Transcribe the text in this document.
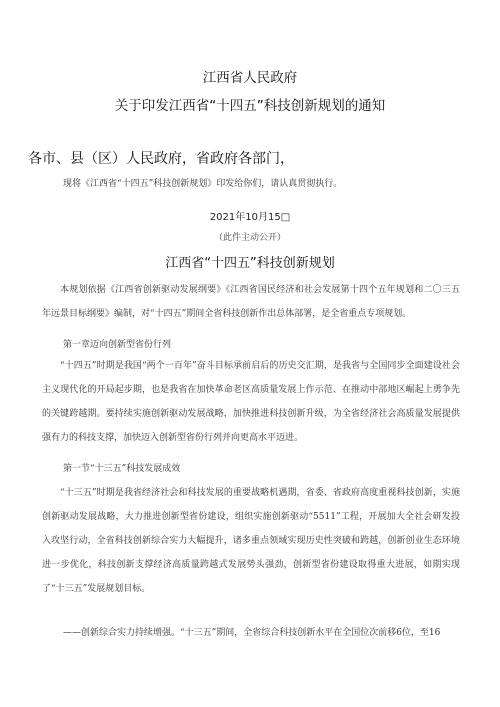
江西省人民政府
关于印发江西省“十四五”科技创新规划的通知
各市、县（区）人民政府，省政府各部门，
现将《江西省“十四五”科技创新规划》印发给你们，请认真贯彻执行。
2021年10月15□
（此件主动公开）
江西省“十四五”科技创新规划

本规划依据《江西省创新驱动发展纲要》《江西省国民经济和社会发展第十四个五年规划和二〇三五年远景目标纲要》编制，对“十四五”期间全省科技创新作出总体部署，是全省重点专项规划。

第一章迈向创新型省份行列

“十四五”时期是我国“两个一百年”奋斗目标承前启后的历史交汇期，是我省与全国同步全面建设社会主义现代化的开局起步期，也是我省在加快革命老区高质量发展上作示范、在推动中部地区崛起上勇争先的关键跨越期。要持续实施创新驱动发展战略，加快推进科技创新升级，为全省经济社会高质量发展提供强有力的科技支撑，加快迈入创新型省份行列并向更高水平迈进。

第一节“十三五”科技发展成效

“十三五”时期是我省经济社会和科技发展的重要战略机遇期，省委、省政府高度重视科技创新，实施创新驱动发展战略，大力推进创新型省份建设，组织实施创新驱动“5511”工程，开展加大全社会研发投入攻坚行动，全省科技创新综合实力大幅提升，诸多重点领域实现历史性突破和跨越，创新创业生态环境进一步优化，科技创新支撑经济高质量跨越式发展势头强劲，创新型省份建设取得重大进展，如期实现了“十三五”发展规划目标。

——创新综合实力持续增强。“十三五”期间，全省综合科技创新水平在全国位次前移6位，至16
